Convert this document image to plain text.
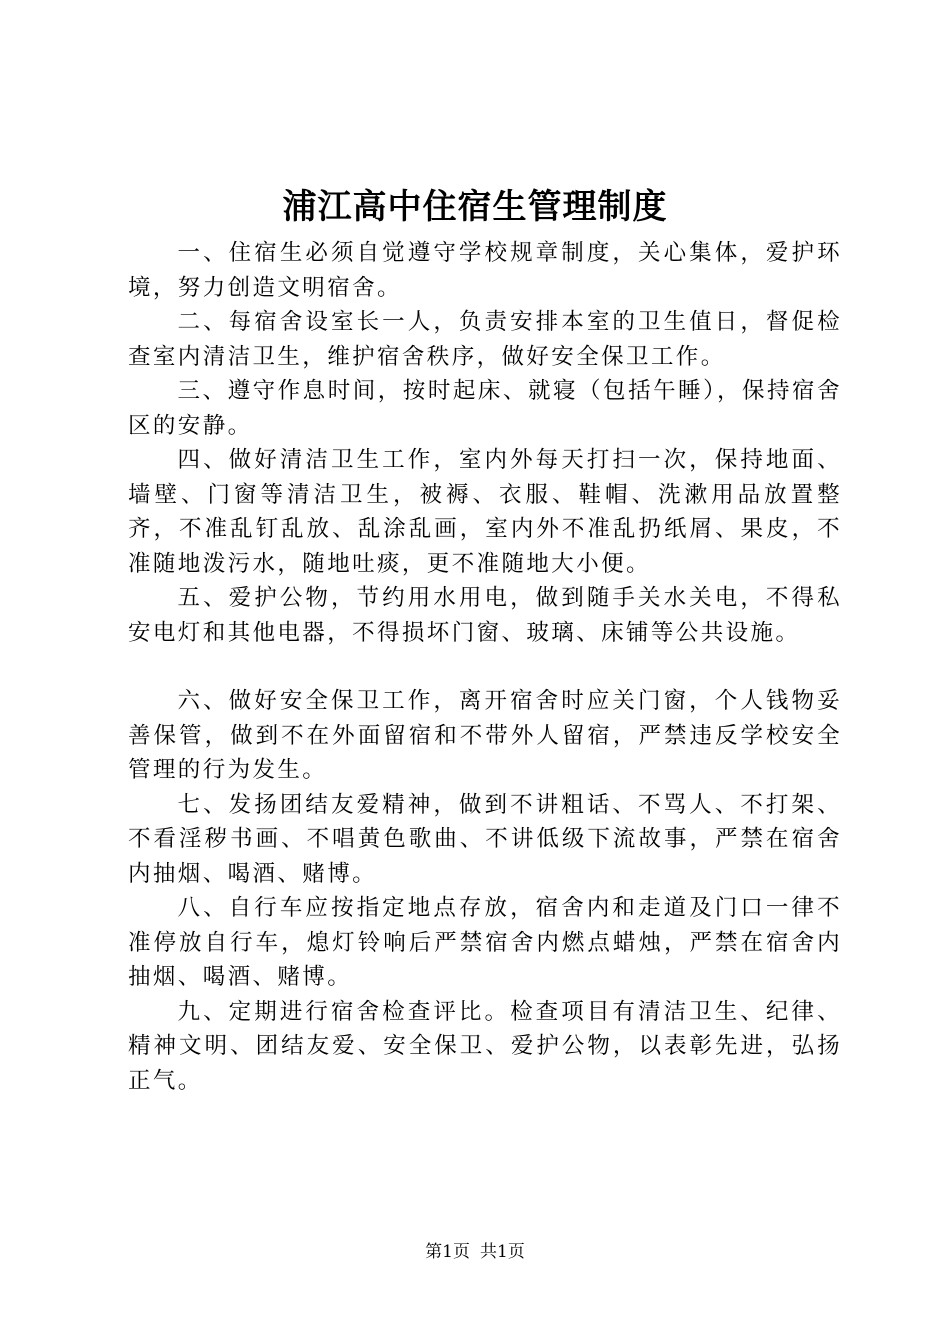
浦江高中住宿生管理制度

一、住宿生必须自觉遵守学校规章制度，关心集体，爱护环境，努力创造文明宿舍。

二、每宿舍设室长一人，负责安排本室的卫生值日，督促检查室内清洁卫生，维护宿舍秩序，做好安全保卫工作。

三、遵守作息时间，按时起床、就寝（包括午睡），保持宿舍区的安静。

四、做好清洁卫生工作，室内外每天打扫一次，保持地面、墙壁、门窗等清洁卫生，被褥、衣服、鞋帽、洗漱用品放置整齐，不准乱钉乱放、乱涂乱画，室内外不准乱扔纸屑、果皮，不准随地泼污水，随地吐痰，更不准随地大小便。

五、爱护公物，节约用水用电，做到随手关水关电，不得私安电灯和其他电器，不得损坏门窗、玻璃、床铺等公共设施。

六、做好安全保卫工作，离开宿舍时应关门窗，个人钱物妥善保管，做到不在外面留宿和不带外人留宿，严禁违反学校安全管理的行为发生。

七、发扬团结友爱精神，做到不讲粗话、不骂人、不打架、不看淫秽书画、不唱黄色歌曲、不讲低级下流故事，严禁在宿舍内抽烟、喝酒、赌博。

八、自行车应按指定地点存放，宿舍内和走道及门口一律不准停放自行车，熄灯铃响后严禁宿舍内燃点蜡烛，严禁在宿舍内抽烟、喝酒、赌博。

九、定期进行宿舍检查评比。检查项目有清洁卫生、纪律、精神文明、团结友爱、安全保卫、爱护公物，以表彰先进，弘扬正气。

第1页 共1页
